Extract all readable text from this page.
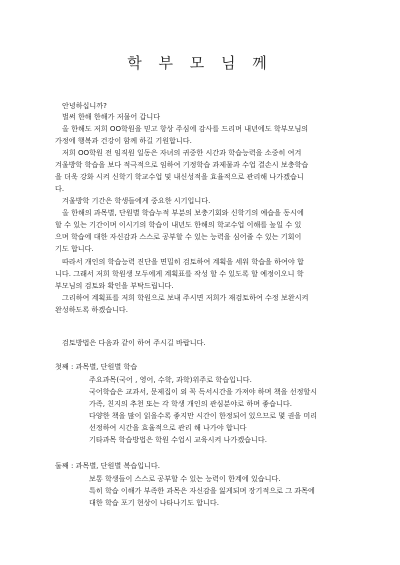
학 부 모 님 께
안녕하십니까?
벌써 한해 한해가 저물어 갑니다
올 한해도 저희 OO학원을 믿고 항상 주심에 감사를 드리며 내년에도 학부모님의
가정에 행복과 건강이 함께 하길 기원합니다.
저희 OO학원 전 임직원 일동은 자녀의 귀중한 시간과 학습능력을 소중히 여겨
겨울방학 학습을 보다 적극적으로 임하여 기정학습 과제물과 수업 결손시 보충학습
을 더욱 강화 시켜 신학기 학교수업 및 내신성적을 효율적으로 관리해 나가겠습니
다.
겨울방학 기간은 학생들에게 중요한 시기입니다.
올 한해의 과목별, 단원별 학습누적 부분의 보충기회와 신학기의 예습을 동시에
할 수 있는 기간이며 이시기의 학습이 내년도 한해의 학교수업 이해를 높일 수 있
으며 학습에 대한 자신감과 스스로 공부할 수 있는 능력을 심어줄 수 있는 기회이
기도 합니다.
따라서 개인의 학습능력 진단을 면밀히 검토하여 계획을 세워 학습을 하여야 합
니다. 그래서 저희 학원생 모두에게 계획표를 작성 할 수 있도록 할 예정이오니 학
부모님의 검토와 확인을 부탁드립니다.
그리하여 계획표를 저희 학원으로 보내 주시면 저희가 재검토하여 수정 보완시켜
완성하도록 하겠습니다.
검토방법은 다음과 같이 하여 주시길 바랍니다.
첫째 : 과목별, 단원별 학습
주요과목(국어 , 영어, 수학, 과학)위주로 학습입니다.
국어학습은 교과서, 문제집이 외 꼭 독서시간을 가져야 하며 책을 선정할시
가족, 친지의 추천 또는 각 학생 개인의 관심분야로 하며 좋습니다.
다양한 책을 많이 읽을수록 좋지만 시간이 한정되어 있으므로 몇 권을 미리
선정하여 시간을 효율적으로 관리 해 나가야 합니다
기타과목 학습방법은 학원 수업시 교육시켜 나가겠습니다.
둘째 : 과목별, 단원별 복습입니다.
보통 학생들이 스스로 공부할 수 있는 능력이 한계에 있습니다.
특히 학습 이해가 부족한 과목은 자신감을 잃게되며 장기적으로 그 과목에
대한 학습 포기 현상이 나타나기도 합니다.
